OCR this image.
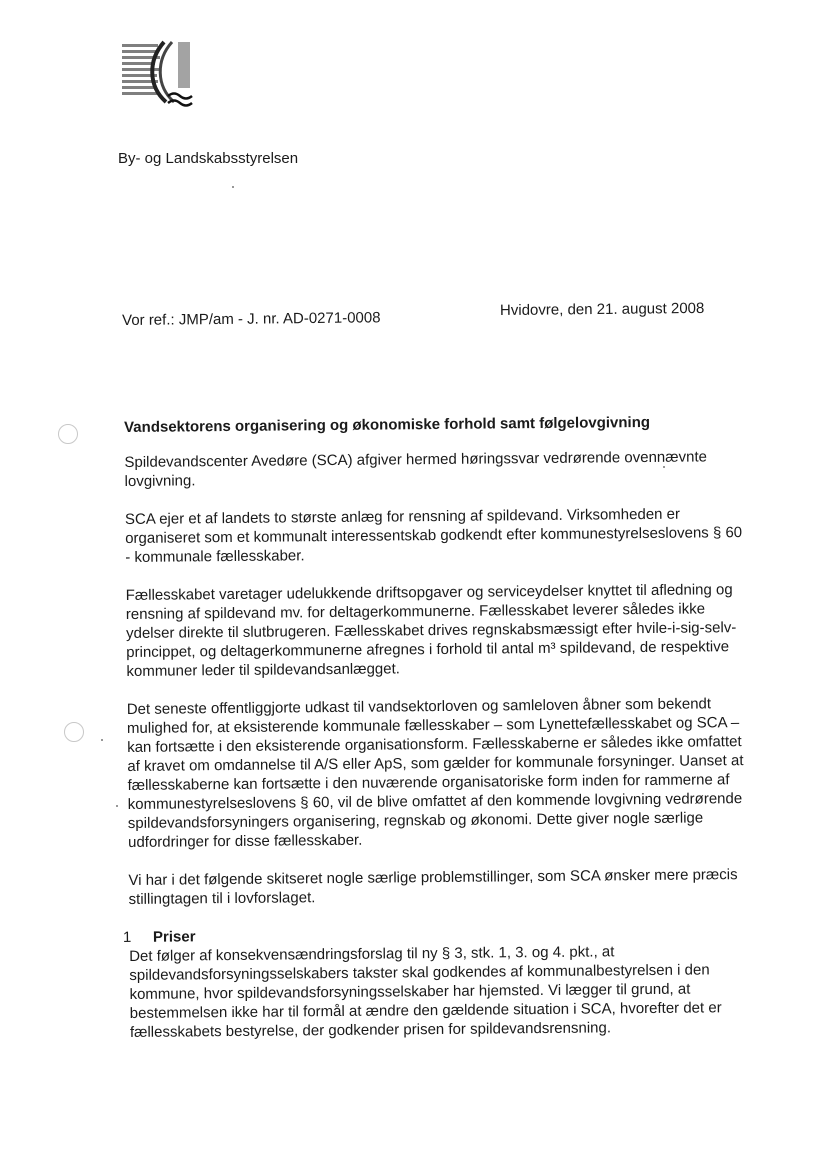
By- og Landskabsstyrelsen
Vor ref.: JMP/am - J. nr. AD-0271-0008	Hvidovre, den 21. august 2008
Vandsektorens organisering og økonomiske forhold samt følgelovgivning

Spildevandscenter Avedøre (SCA) afgiver hermed høringssvar vedrørende ovennævnte lovgivning.

SCA ejer et af landets to største anlæg for rensning af spildevand. Virksomheden er organiseret som et kommunalt interessentskab godkendt efter kommunestyrelseslovens § 60 - kommunale fællesskaber.

Fællesskabet varetager udelukkende driftsopgaver og serviceydelser knyttet til afledning og rensning af spildevand mv. for deltagerkommunerne. Fællesskabet leverer således ikke ydelser direkte til slutbrugeren. Fællesskabet drives regnskabsmæssigt efter hvile-i-sig-selv-princippet, og deltagerkommunerne afregnes i forhold til antal m³ spildevand, de respektive kommuner leder til spildevandsanlægget.

Det seneste offentliggjorte udkast til vandsektorloven og samleloven åbner som bekendt mulighed for, at eksisterende kommunale fællesskaber – som Lynettefællesskabet og SCA – kan fortsætte i den eksisterende organisationsform. Fællesskaberne er således ikke omfattet af kravet om omdannelse til A/S eller ApS, som gælder for kommunale forsyninger. Uanset at fællesskaberne kan fortsætte i den nuværende organisatoriske form inden for rammerne af kommunestyrelseslovens § 60, vil de blive omfattet af den kommende lovgivning vedrørende spildevandsforsyningers organisering, regnskab og økonomi. Dette giver nogle særlige udfordringer for disse fællesskaber.

Vi har i det følgende skitseret nogle særlige problemstillinger, som SCA ønsker mere præcis stillingtagen til i lovforslaget.

1 Priser

Det følger af konsekvensændringsforslag til ny § 3, stk. 1, 3. og 4. pkt., at spildevandsforsyningsselskabers takster skal godkendes af kommunalbestyrelsen i den kommune, hvor spildevandsforsyningsselskaber har hjemsted. Vi lægger til grund, at bestemmelsen ikke har til formål at ændre den gældende situation i SCA, hvorefter det er fællesskabets bestyrelse, der godkender prisen for spildevandsrensning.
